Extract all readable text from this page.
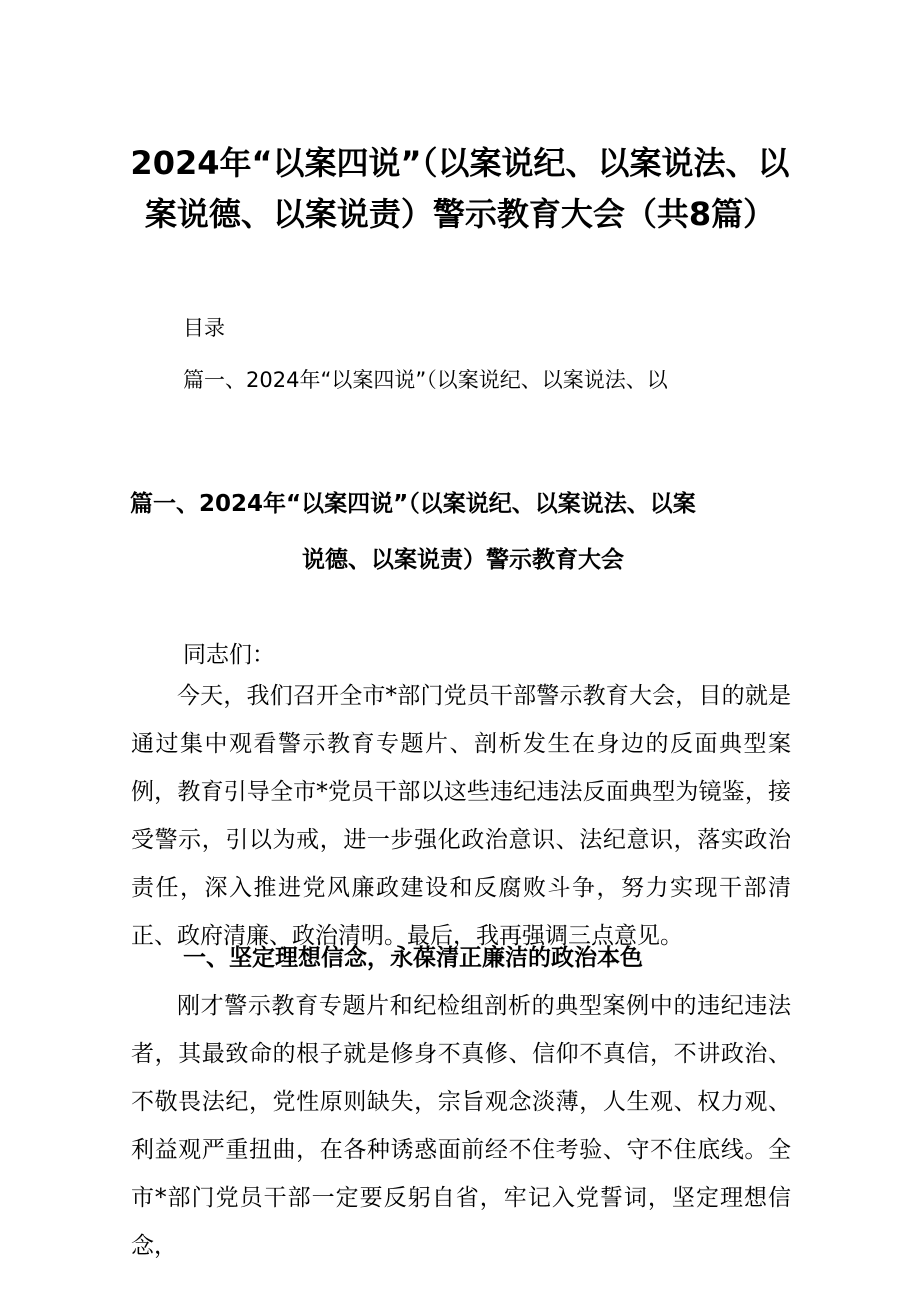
2024年“以案四说”（以案说纪、以案说法、以案说德、以案说责）警示教育大会（共8篇）

目录

篇一、2024年“以案四说”（以案说纪、以案说法、以

篇一、2024年“以案四说”（以案说纪、以案说法、以案
说德、以案说责）警示教育大会

同志们：

今天，我们召开全市*部门党员干部警示教育大会，目的就是通过集中观看警示教育专题片、剖析发生在身边的反面典型案例，教育引导全市*党员干部以这些违纪违法反面典型为镜鉴，接受警示，引以为戒，进一步强化政治意识、法纪意识，落实政治责任，深入推进党风廉政建设和反腐败斗争，努力实现干部清正、政府清廉、政治清明。最后，我再强调三点意见。

一、坚定理想信念，永葆清正廉洁的政治本色

刚才警示教育专题片和纪检组剖析的典型案例中的违纪违法者，其最致命的根子就是修身不真修、信仰不真信，不讲政治、不敬畏法纪，党性原则缺失，宗旨观念淡薄，人生观、权力观、利益观严重扭曲，在各种诱惑面前经不住考验、守不住底线。全市*部门党员干部一定要反躬自省，牢记入党誓词，坚定理想信念，
